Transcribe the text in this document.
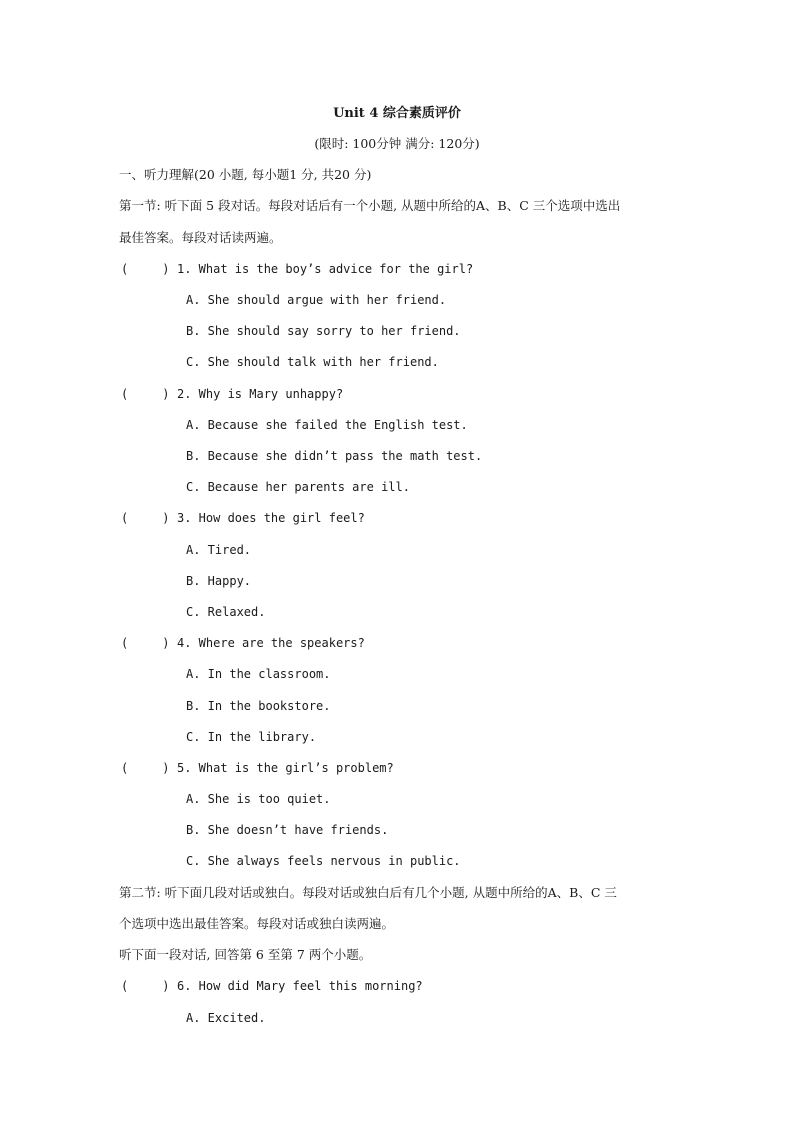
Unit 4 综合素质评价
(限时: 100分钟 满分: 120分)
一、听力理解(20 小题, 每小题1 分, 共20 分)
第一节: 听下面 5 段对话。每段对话后有一个小题, 从题中所给的A、B、C 三个选项中选出
最佳答案。每段对话读两遍。
(	) 1. What is the boy’s advice for the girl?
A. She should argue with her friend.
B. She should say sorry to her friend.
C. She should talk with her friend.
(	) 2. Why is Mary unhappy?
A. Because she failed the English test.
B. Because she didn’t pass the math test.
C. Because her parents are ill.
(	) 3. How does the girl feel?
A. Tired.
B. Happy.
C. Relaxed.
(	) 4. Where are the speakers?
A. In the classroom.
B. In the bookstore.
C. In the library.
(	) 5. What is the girl’s problem?
A. She is too quiet.
B. She doesn’t have friends.
C. She always feels nervous in public.
第二节: 听下面几段对话或独白。每段对话或独白后有几个小题, 从题中所给的A、B、C 三
个选项中选出最佳答案。每段对话或独白读两遍。
听下面一段对话, 回答第 6 至第 7 两个小题。
(	) 6. How did Mary feel this morning?
A. Excited.
